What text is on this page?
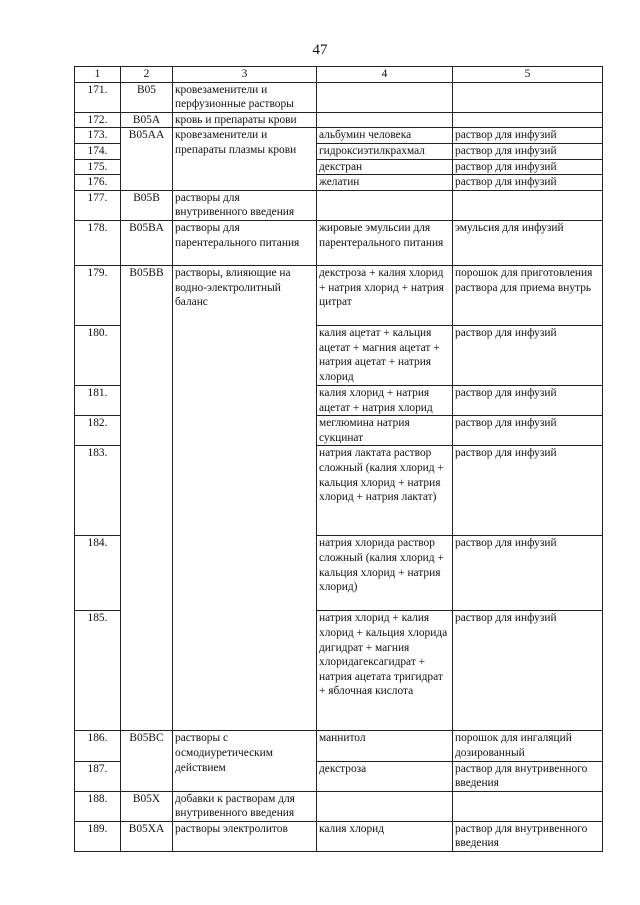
47
1	2	3	4	5
171.	B05	кровезаменители и перфузионные растворы		
172.	B05A	кровь и препараты крови		
173.	B05AA	кровезаменители и препараты плазмы крови	альбумин человека	раствор для инфузий
174.			гидроксиэтилкрахмал	раствор для инфузий
175.			декстран	раствор для инфузий
176.			желатин	раствор для инфузий
177.	B05B	растворы для внутривенного введения		
178.	B05BA	растворы для парентерального питания	жировые эмульсии для парентерального питания	эмульсия для инфузий
179.	B05BB	растворы, влияющие на водно-электролитный баланс	декстроза + калия хлорид + натрия хлорид + натрия цитрат	порошок для приготовления раствора для приема внутрь
180.			калия ацетат + кальция ацетат + магния ацетат + натрия ацетат + натрия хлорид	раствор для инфузий
181.			калия хлорид + натрия ацетат + натрия хлорид	раствор для инфузий
182.			меглюмина натрия сукцинат	раствор для инфузий
183.			натрия лактата раствор сложный (калия хлорид + кальция хлорид + натрия хлорид + натрия лактат)	раствор для инфузий
184.			натрия хлорида раствор сложный (калия хлорид + кальция хлорид + натрия хлорид)	раствор для инфузий
185.			натрия хлорид + калия хлорид + кальция хлорида дигидрат + магния хлоридагексагидрат + натрия ацетата тригидрат + яблочная кислота	раствор для инфузий
186.	B05BC	растворы с осмодиуретическим действием	маннитол	порошок для ингаляций дозированный
187.			декстроза	раствор для внутривенного введения
188.	B05X	добавки к растворам для внутривенного введения		
189.	B05XA	растворы электролитов	калия хлорид	раствор для внутривенного введения
